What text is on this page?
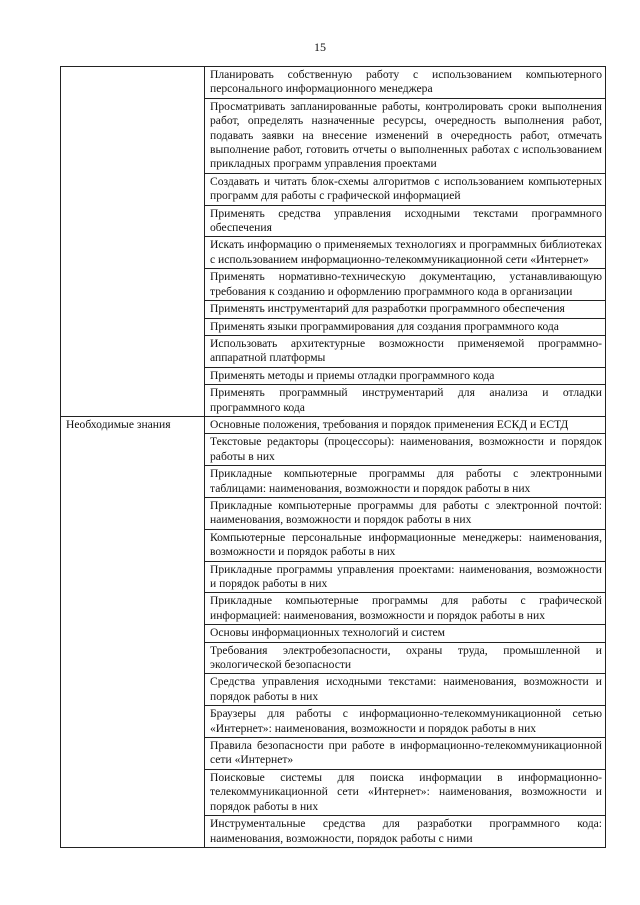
15
	Планировать собственную работу с использованием компьютерного персонального информационного менеджера
	Просматривать запланированные работы, контролировать сроки выполнения работ, определять назначенные ресурсы, очередность выполнения работ, подавать заявки на внесение изменений в очередность работ, отмечать выполнение работ, готовить отчеты о выполненных работах с использованием прикладных программ управления проектами
	Создавать и читать блок-схемы алгоритмов с использованием компьютерных программ для работы с графической информацией
	Применять средства управления исходными текстами программного обеспечения
	Искать информацию о применяемых технологиях и программных библиотеках с использованием информационно-телекоммуникационной сети «Интернет»
	Применять нормативно-техническую документацию, устанавливающую требования к созданию и оформлению программного кода в организации
	Применять инструментарий для разработки программного обеспечения
	Применять языки программирования для создания программного кода
	Использовать архитектурные возможности применяемой программно-аппаратной платформы
	Применять методы и приемы отладки программного кода
	Применять программный инструментарий для анализа и отладки программного кода
Необходимые знания	Основные положения, требования и порядок применения ЕСКД и ЕСТД
	Текстовые редакторы (процессоры): наименования, возможности и порядок работы в них
	Прикладные компьютерные программы для работы с электронными таблицами: наименования, возможности и порядок работы в них
	Прикладные компьютерные программы для работы с электронной почтой: наименования, возможности и порядок работы в них
	Компьютерные персональные информационные менеджеры: наименования, возможности и порядок работы в них
	Прикладные программы управления проектами: наименования, возможности и порядок работы в них
	Прикладные компьютерные программы для работы с графической информацией: наименования, возможности и порядок работы в них
	Основы информационных технологий и систем
	Требования электробезопасности, охраны труда, промышленной и экологической безопасности
	Средства управления исходными текстами: наименования, возможности и порядок работы в них
	Браузеры для работы с информационно-телекоммуникационной сетью «Интернет»: наименования, возможности и порядок работы в них
	Правила безопасности при работе в информационно-телекоммуникационной сети «Интернет»
	Поисковые системы для поиска информации в информационно-телекоммуникационной сети «Интернет»: наименования, возможности и порядок работы в них
	Инструментальные средства для разработки программного кода: наименования, возможности, порядок работы с ними
